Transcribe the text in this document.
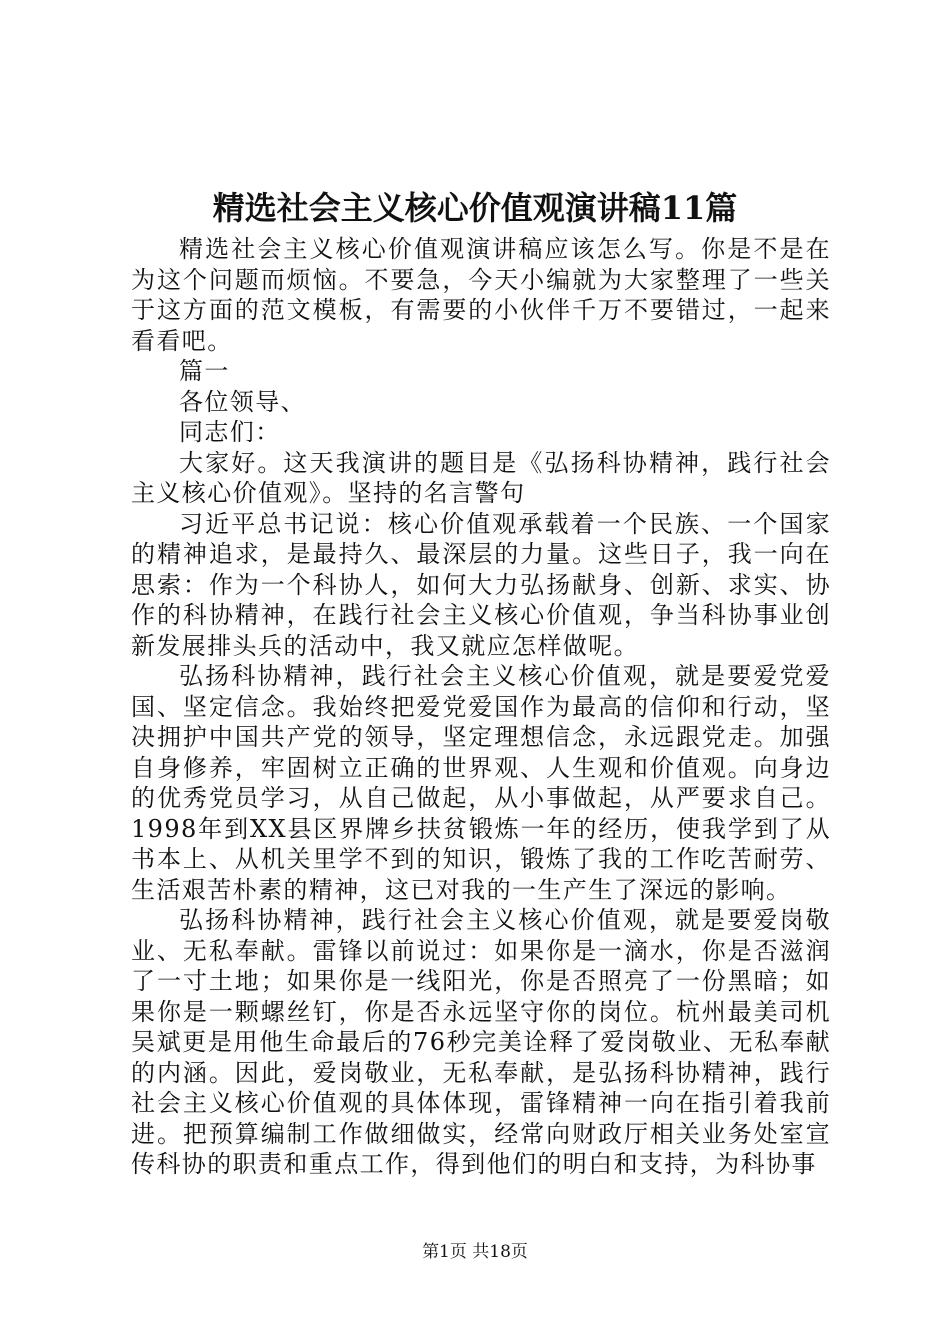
精选社会主义核心价值观演讲稿11篇

精选社会主义核心价值观演讲稿应该怎么写。你是不是在为这个问题而烦恼。不要急，今天小编就为大家整理了一些关于这方面的范文模板，有需要的小伙伴千万不要错过，一起来看看吧。

篇一

各位领导、

同志们：

大家好。这天我演讲的题目是《弘扬科协精神，践行社会主义核心价值观》。坚持的名言警句

习近平总书记说：核心价值观承载着一个民族、一个国家的精神追求，是最持久、最深层的力量。这些日子，我一向在思索：作为一个科协人，如何大力弘扬献身、创新、求实、协作的科协精神，在践行社会主义核心价值观，争当科协事业创新发展排头兵的活动中，我又就应怎样做呢。

弘扬科协精神，践行社会主义核心价值观，就是要爱党爱国、坚定信念。我始终把爱党爱国作为最高的信仰和行动，坚决拥护中国共产党的领导，坚定理想信念，永远跟党走。加强自身修养，牢固树立正确的世界观、人生观和价值观。向身边的优秀党员学习，从自己做起，从小事做起，从严要求自己。1998年到XX县区界牌乡扶贫锻炼一年的经历，使我学到了从书本上、从机关里学不到的知识，锻炼了我的工作吃苦耐劳、生活艰苦朴素的精神，这已对我的一生产生了深远的影响。

弘扬科协精神，践行社会主义核心价值观，就是要爱岗敬业、无私奉献。雷锋以前说过：如果你是一滴水，你是否滋润了一寸土地；如果你是一线阳光，你是否照亮了一份黑暗；如果你是一颗螺丝钉，你是否永远坚守你的岗位。杭州最美司机吴斌更是用他生命最后的76秒完美诠释了爱岗敬业、无私奉献的内涵。因此，爱岗敬业，无私奉献，是弘扬科协精神，践行社会主义核心价值观的具体体现，雷锋精神一向在指引着我前进。把预算编制工作做细做实，经常向财政厅相关业务处室宣传科协的职责和重点工作，得到他们的明白和支持，为科协事

第1页 共18页
